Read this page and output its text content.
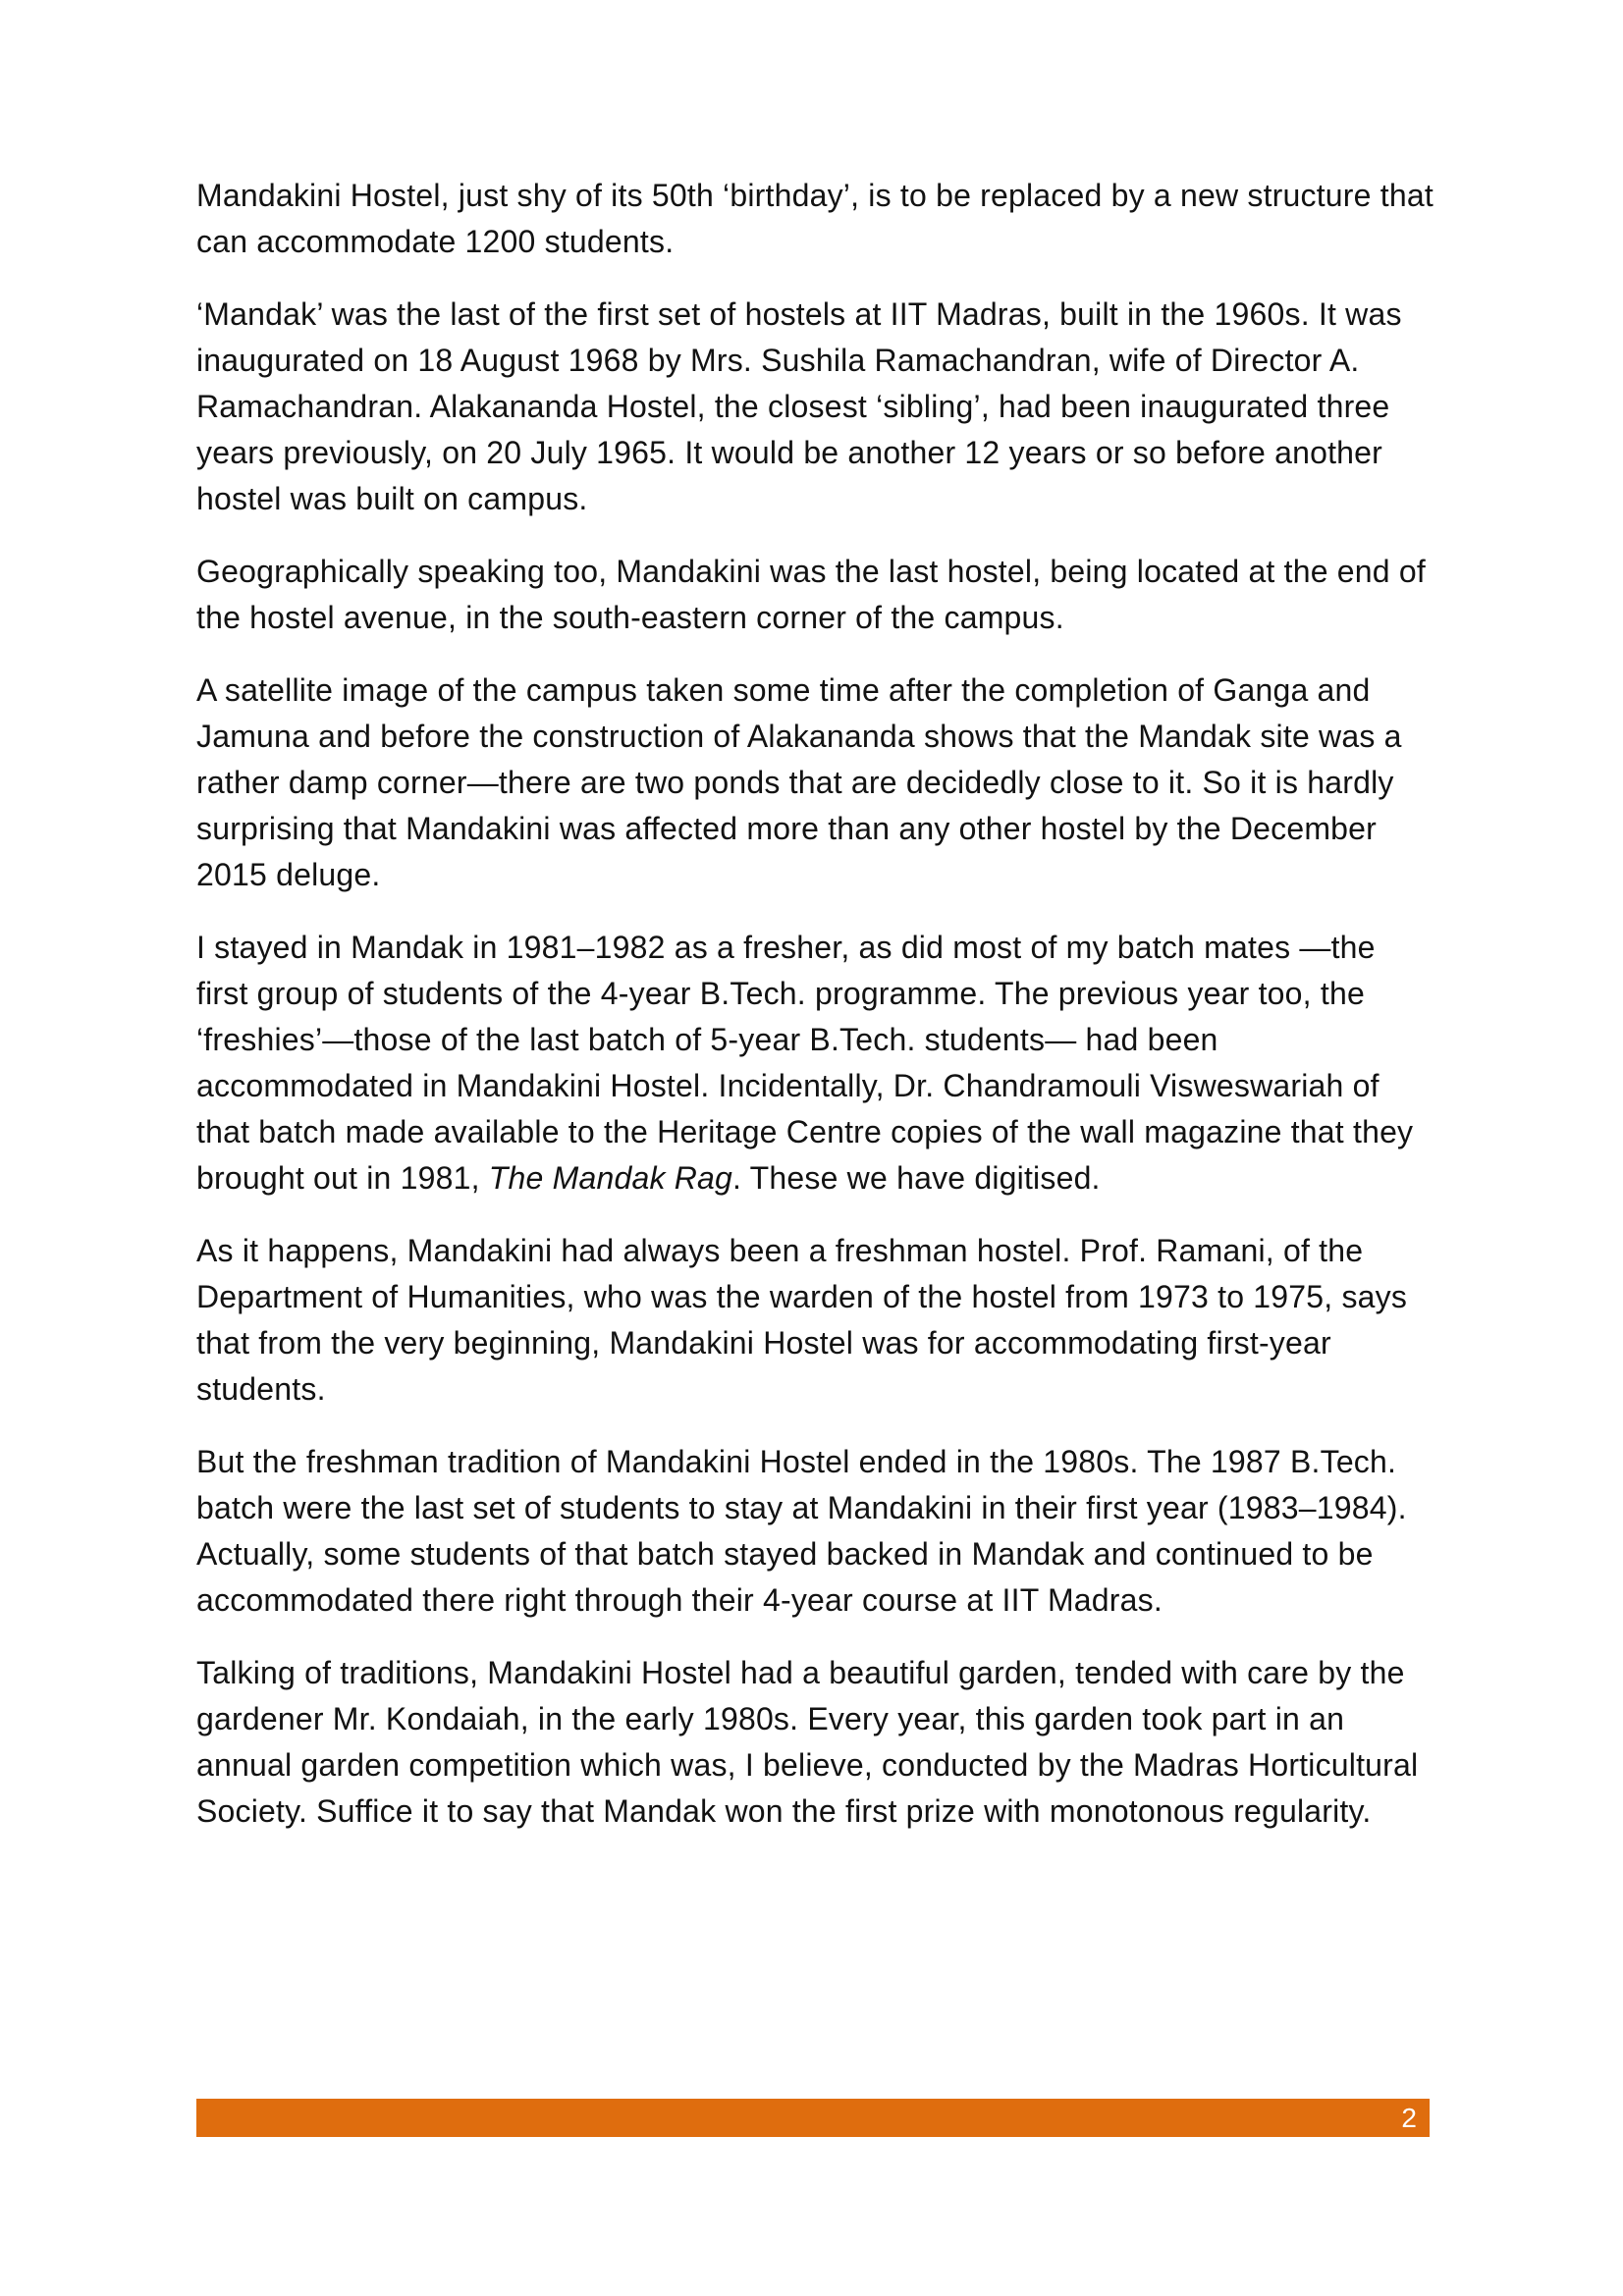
Mandakini Hostel, just shy of its 50th ‘birthday’, is to be replaced by a new structure that can accommodate 1200 students.

‘Mandak’ was the last of the first set of hostels at IIT Madras, built in the 1960s. It was inaugurated on 18 August 1968 by Mrs. Sushila Ramachandran, wife of Director A. Ramachandran. Alakananda Hostel, the closest ‘sibling’, had been inaugurated three years previously, on 20 July 1965. It would be another 12 years or so before another hostel was built on campus.

Geographically speaking too, Mandakini was the last hostel, being located at the end of the hostel avenue, in the south-eastern corner of the campus.

A satellite image of the campus taken some time after the completion of Ganga and Jamuna and before the construction of Alakananda shows that the Mandak site was a rather damp corner—there are two ponds that are decidedly close to it. So it is hardly surprising that Mandakini was affected more than any other hostel by the December 2015 deluge.

I stayed in Mandak in 1981–1982 as a fresher, as did most of my batch mates —the first group of students of the 4-year B.Tech. programme. The previous year too, the ‘freshies’—those of the last batch of 5-year B.Tech. students— had been accommodated in Mandakini Hostel. Incidentally, Dr. Chandramouli Visweswariah of that batch made available to the Heritage Centre copies of the wall magazine that they brought out in 1981, The Mandak Rag. These we have digitised.

As it happens, Mandakini had always been a freshman hostel. Prof. Ramani, of the Department of Humanities, who was the warden of the hostel from 1973 to 1975, says that from the very beginning, Mandakini Hostel was for accommodating first-year students.

But the freshman tradition of Mandakini Hostel ended in the 1980s. The 1987 B.Tech. batch were the last set of students to stay at Mandakini in their first year (1983–1984). Actually, some students of that batch stayed backed in Mandak and continued to be accommodated there right through their 4-year course at IIT Madras.

Talking of traditions, Mandakini Hostel had a beautiful garden, tended with care by the gardener Mr. Kondaiah, in the early 1980s. Every year, this garden took part in an annual garden competition which was, I believe, conducted by the Madras Horticultural Society. Suffice it to say that Mandak won the first prize with monotonous regularity.

2
